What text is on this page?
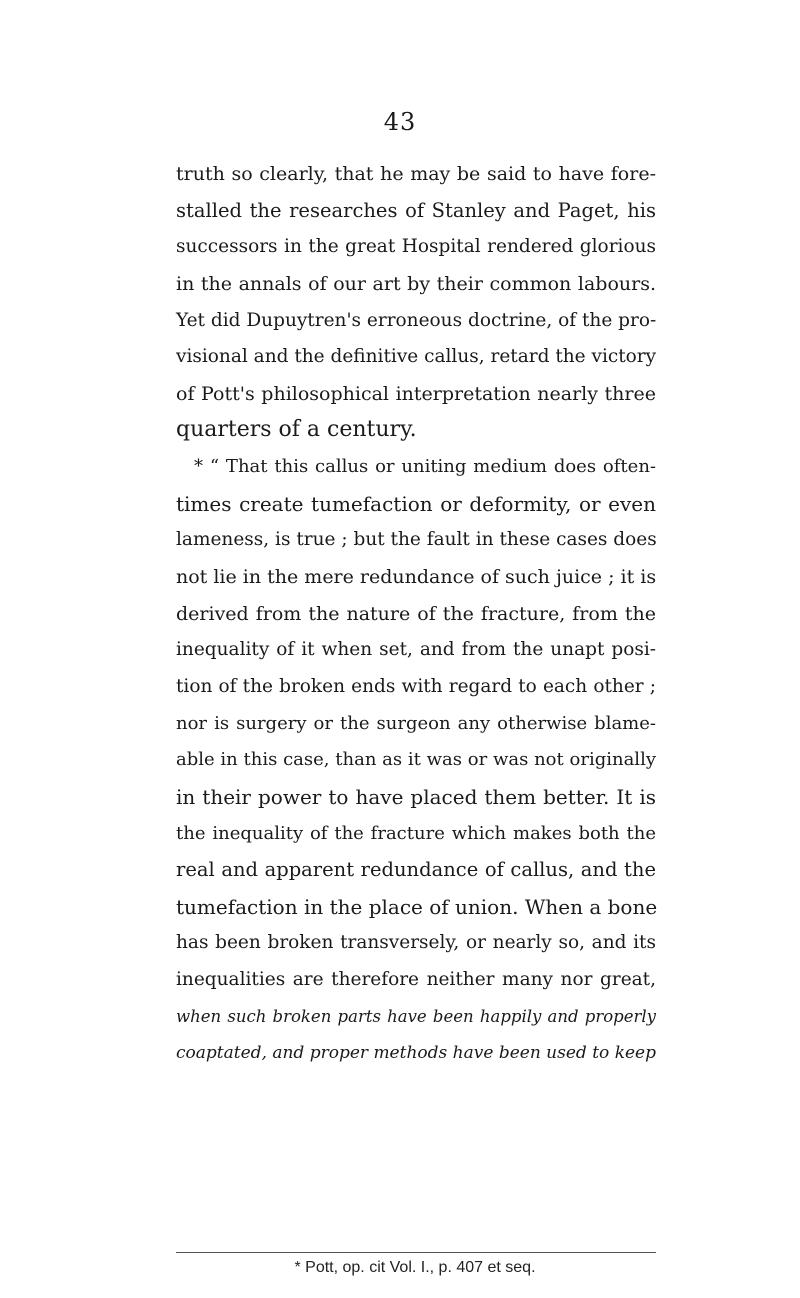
43
truth so clearly, that he may be said to have fore-
stalled the researches of Stanley and Paget, his
successors in the great Hospital rendered glorious
in the annals of our art by their common labours.
Yet did Dupuytren's erroneous doctrine, of the pro-
visional and the definitive callus, retard the victory
of Pott's philosophical interpretation nearly three
quarters of a century.
* “ That this callus or uniting medium does often-
times create tumefaction or deformity, or even
lameness, is true ; but the fault in these cases does
not lie in the mere redundance of such juice ; it is
derived from the nature of the fracture, from the
inequality of it when set, and from the unapt posi-
tion of the broken ends with regard to each other ;
nor is surgery or the surgeon any otherwise blame-
able in this case, than as it was or was not originally
in their power to have placed them better. It is
the inequality of the fracture which makes both the
real and apparent redundance of callus, and the
tumefaction in the place of union. When a bone
has been broken transversely, or nearly so, and its
inequalities are therefore neither many nor great,
when such broken parts have been happily and properly
coaptated, and proper methods have been used to keep
* Pott, op. cit Vol. I., p. 407 et seq.
